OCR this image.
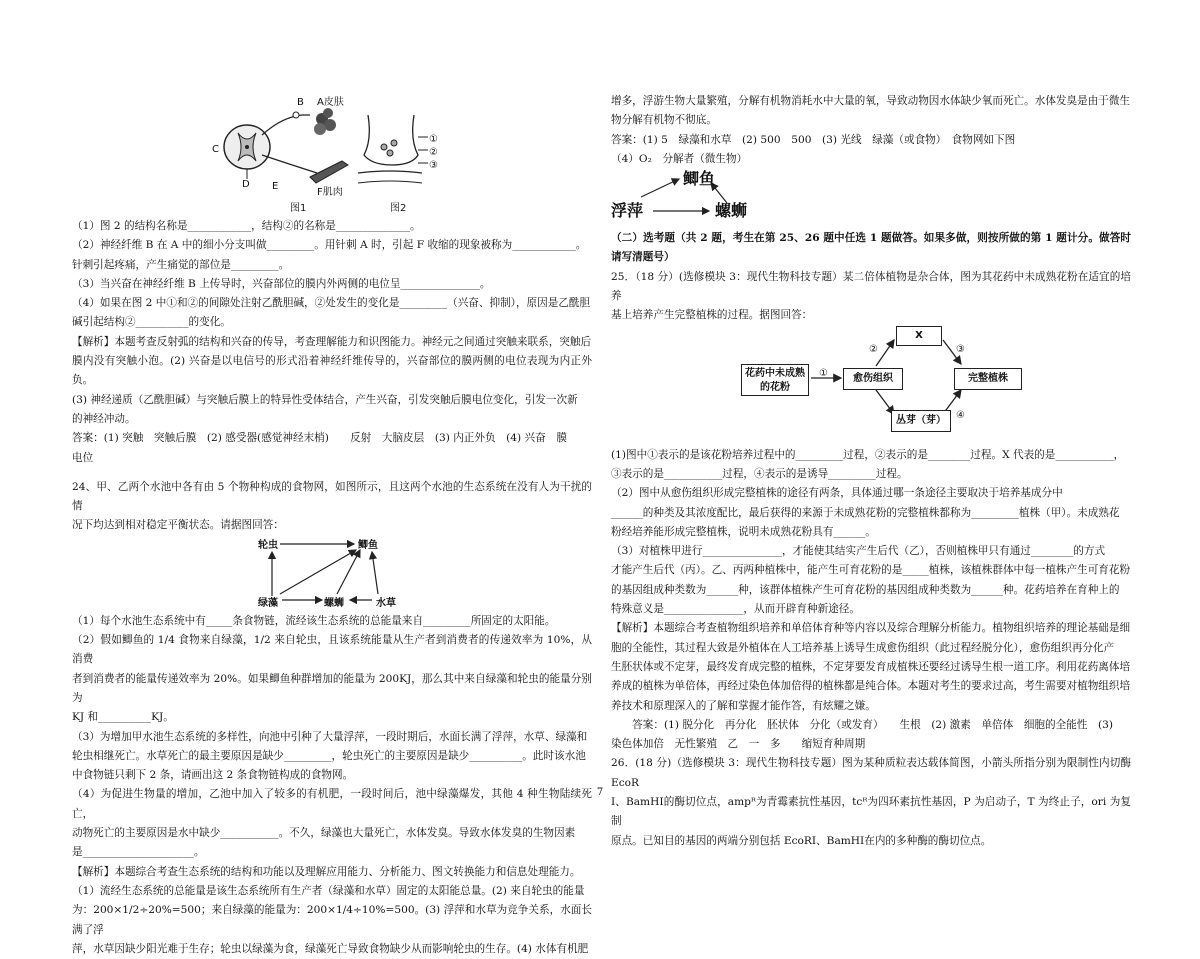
B A皮肤
C
D
F肌肉
E
①
②
③
图1	图2

（1）图 2 的结构名称是____________，结构②的名称是______________。

（2）神经纤维 B 在 A 中的细小分支叫做_________。用针刺 A 时，引起 F 收缩的现象被称为____________。

针刺引起疼痛，产生痛觉的部位是_________。

（3）当兴奋在神经纤维 B 上传导时，兴奋部位的膜内外两侧的电位呈_______________。

（4）如果在图 2 中①和②的间隙处注射乙酰胆碱，②处发生的变化是_________（兴奋、抑制），原因是乙酰胆

碱引起结构②__________的变化。

【解析】本题考查反射弧的结构和兴奋的传导，考查理解能力和识图能力。神经元之间通过突触来联系，突触后

膜内没有突触小泡。(2) 兴奋是以电信号的形式沿着神经纤维传导的，兴奋部位的膜两侧的电位表现为内正外负。

(3) 神经递质（乙酰胆碱）与突触后膜上的特异性受体结合，产生兴奋，引发突触后膜电位变化，引发一次新

的神经冲动。

答案：(1) 突触　突触后膜　(2) 感受器(感觉神经末梢)　　反射　大脑皮层　(3) 内正外负　(4) 兴奋　膜

电位

24、甲、乙两个水池中各有由 5 个物种构成的食物网，如图所示，且这两个水池的生态系统在没有人为干扰的情

况下均达到相对稳定平衡状态。请据图回答：

轮虫	鲫鱼
绿藻	螺蛳	水草

（1）每个水池生态系统中有_____条食物链，流经该生态系统的总能量来自_________所固定的太阳能。

（2）假如鲫鱼的 1/4 食物来自绿藻，1/2 来自轮虫，且该系统能量从生产者到消费者的传递效率为 10%，从消费

者到消费者的能量传递效率为 20%。如果鲫鱼种群增加的能量为 200KJ，那么其中来自绿藻和轮虫的能量分别为

KJ 和__________KJ。

（3）为增加甲水池生态系统的多样性，向池中引种了大量浮萍，一段时期后，水面长满了浮萍，水草、绿藻和

轮虫相继死亡。水草死亡的最主要原因是缺少_________，轮虫死亡的主要原因是缺少__________。此时该水池

中食物链只剩下 2 条，请画出这 2 条食物链构成的食物网。

（4）为促进生物量的增加，乙池中加入了较多的有机肥，一段时间后，池中绿藻爆发，其他 4 种生物陆续死亡，

动物死亡的主要原因是水中缺少___________。不久，绿藻也大量死亡，水体发臭。导致水体发臭的生物因素

是_____________________。

【解析】本题综合考查生态系统的结构和功能以及理解应用能力、分析能力、图文转换能力和信息处理能力。

（1）流经生态系统的总能量是该生态系统所有生产者（绿藻和水草）固定的太阳能总量。(2) 来自轮虫的能量

为：200×1/2÷20%=500；来自绿藻的能量为：200×1/4÷10%=500。(3) 浮萍和水草为竞争关系，水面长满了浮

萍，水草因缺少阳光难于生存；轮虫以绿藻为食，绿藻死亡导致食物缺少从而影响轮虫的生存。(4) 水体有机肥

增多，浮游生物大量繁殖，分解有机物消耗水中大量的氧，导致动物因水体缺少氧而死亡。水体发臭是由于微生

物分解有机物不彻底。

答案：(1) 5　绿藻和水草　(2) 500　500　(3) 光线　绿藻（或食物）　食物网如下图

（4）O₂　分解者（微生物）

鲫鱼
浮萍	螺蛳

（二）选考题（共 2 题，考生在第 25、26 题中任选 1 题做答。如果多做，则按所做的第 1 题计分。做答时请写清题号）

25．（18 分）(选修模块 3：现代生物科技专题）某二倍体植物是杂合体，图为其花药中未成熟花粉在适宜的培养

基上培养产生完整植株的过程。据图回答：

花药中未成熟的花粉
愈伤组织
X
完整植株
丛芽（芽）
①
②	③
④

(1)图中①表示的是该花粉培养过程中的_________过程，②表示的是________过程。X 代表的是___________，

③表示的是___________过程，④表示的是诱导_________过程。

（2）图中从愈伤组织形成完整植株的途径有两条，具体通过哪一条途径主要取决于培养基成分中

______的种类及其浓度配比，最后获得的来源于未成熟花粉的完整植株都称为_________植株（甲）。未成熟花

粉经培养能形成完整植株，说明未成熟花粉具有______。

（3）对植株甲进行_______________，才能使其结实产生后代（乙），否则植株甲只有通过________的方式

才能产生后代（丙）。乙、丙两种植株中，能产生可育花粉的是_____植株，该植株群体中每一植株产生可育花粉

的基因组成种类数为______种，该群体植株产生可育花粉的基因组成种类数为______种。花药培养在育种上的

特殊意义是_______________，从而开辟育种新途径。

【解析】本题综合考查植物组织培养和单倍体育种等内容以及综合理解分析能力。植物组织培养的理论基础是细

胞的全能性，其过程大致是外植体在人工培养基上诱导生成愈伤组织（此过程经脱分化），愈伤组织再分化产

生胚状体或不定芽，最终发育成完整的植株，不定芽要发育成植株还要经过诱导生根一道工序。利用花药离体培

养成的植株为单倍体，再经过染色体加倍得的植株都是纯合体。本题对考生的要求过高，考生需要对植物组织培

养技术和原理深入的了解和掌握才能作答，有炫耀之嫌。

　　答案：(1) 脱分化　再分化　胚状体　分化（或发育）　　生根　(2) 激素　单倍体　细胞的全能性　(3)

染色体加倍　无性繁殖　乙　一　多　　缩短育种周期

26．(18 分)（选修模块 3：现代生物科技专题）图为某种质粒表达载体简图，小箭头所指分别为限制性内切酶 EcoR

Ⅰ、BamHⅠ的酶切位点，ampᴿ为青霉素抗性基因，tcᴿ为四环素抗性基因，P 为启动子，T 为终止子，ori 为复制

原点。已知目的基因的两端分别包括 EcoRⅠ、BamHⅠ在内的多种酶的酶切位点。

7
